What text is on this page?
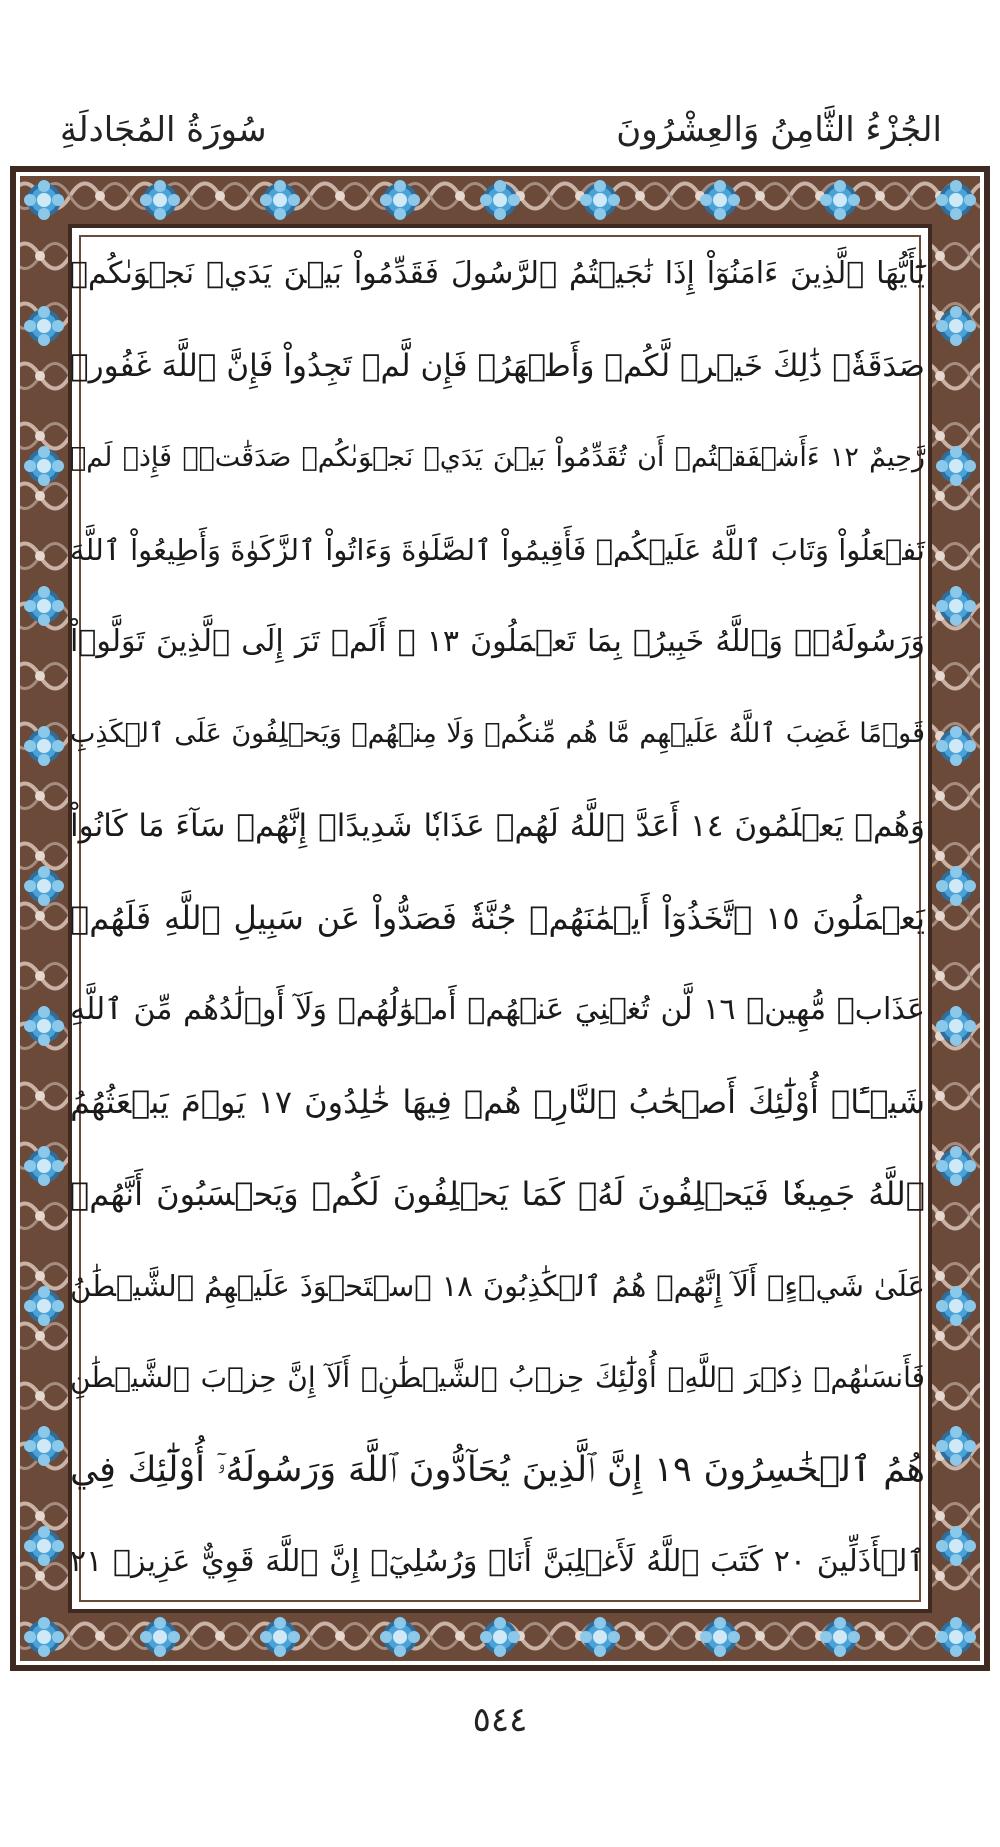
الجُزْءُ الثَّامِنُ وَالعِشْرُونَ
سُورَةُ المُجَادلَةِ
يَٰٓأَيُّهَا ٱلَّذِينَ ءَامَنُوٓاْ إِذَا نَٰجَيۡتُمُ ٱلرَّسُولَ فَقَدِّمُواْ بَيۡنَ يَدَيۡ نَجۡوَىٰكُمۡ
صَدَقَةٗۚ ذَٰلِكَ خَيۡرٞ لَّكُمۡ وَأَطۡهَرُۚ فَإِن لَّمۡ تَجِدُواْ فَإِنَّ ٱللَّهَ غَفُورٞ
رَّحِيمٌ ١٢ ءَأَشۡفَقۡتُمۡ أَن تُقَدِّمُواْ بَيۡنَ يَدَيۡ نَجۡوَىٰكُمۡ صَدَقَٰتٖۚ فَإِذۡ لَمۡ
تَفۡعَلُواْ وَتَابَ ٱللَّهُ عَلَيۡكُمۡ فَأَقِيمُواْ ٱلصَّلَوٰةَ وَءَاتُواْ ٱلزَّكَوٰةَ وَأَطِيعُواْ ٱللَّهَ
وَرَسُولَهُۥۚ وَٱللَّهُ خَبِيرُۢ بِمَا تَعۡمَلُونَ ١٣ ۞ أَلَمۡ تَرَ إِلَى ٱلَّذِينَ تَوَلَّوۡاْ
قَوۡمًا غَضِبَ ٱللَّهُ عَلَيۡهِم مَّا هُم مِّنكُمۡ وَلَا مِنۡهُمۡ وَيَحۡلِفُونَ عَلَى ٱلۡكَذِبِ
وَهُمۡ يَعۡلَمُونَ ١٤ أَعَدَّ ٱللَّهُ لَهُمۡ عَذَابٗا شَدِيدًاۖ إِنَّهُمۡ سَآءَ مَا كَانُواْ
يَعۡمَلُونَ ١٥ ٱتَّخَذُوٓاْ أَيۡمَٰنَهُمۡ جُنَّةٗ فَصَدُّواْ عَن سَبِيلِ ٱللَّهِ فَلَهُمۡ
عَذَابٞ مُّهِينٞ ١٦ لَّن تُغۡنِيَ عَنۡهُمۡ أَمۡوَٰلُهُمۡ وَلَآ أَوۡلَٰدُهُم مِّنَ ٱللَّهِ
شَيۡـًٔاۚ أُوْلَٰٓئِكَ أَصۡحَٰبُ ٱلنَّارِۖ هُمۡ فِيهَا خَٰلِدُونَ ١٧ يَوۡمَ يَبۡعَثُهُمُ
ٱللَّهُ جَمِيعٗا فَيَحۡلِفُونَ لَهُۥ كَمَا يَحۡلِفُونَ لَكُمۡ وَيَحۡسَبُونَ أَنَّهُمۡ
عَلَىٰ شَيۡءٍۚ أَلَآ إِنَّهُمۡ هُمُ ٱلۡكَٰذِبُونَ ١٨ ٱسۡتَحۡوَذَ عَلَيۡهِمُ ٱلشَّيۡطَٰنُ
فَأَنسَىٰهُمۡ ذِكۡرَ ٱللَّهِۚ أُوْلَٰٓئِكَ حِزۡبُ ٱلشَّيۡطَٰنِۚ أَلَآ إِنَّ حِزۡبَ ٱلشَّيۡطَٰنِ
هُمُ ٱلۡخَٰسِرُونَ ١٩ إِنَّ ٱلَّذِينَ يُحَآدُّونَ ٱللَّهَ وَرَسُولَهُۥٓ أُوْلَٰٓئِكَ فِي
ٱلۡأَذَلِّينَ ٢٠ كَتَبَ ٱللَّهُ لَأَغۡلِبَنَّ أَنَا۠ وَرُسُلِيٓۚ إِنَّ ٱللَّهَ قَوِيٌّ عَزِيزٞ ٢١
٥٤٤
